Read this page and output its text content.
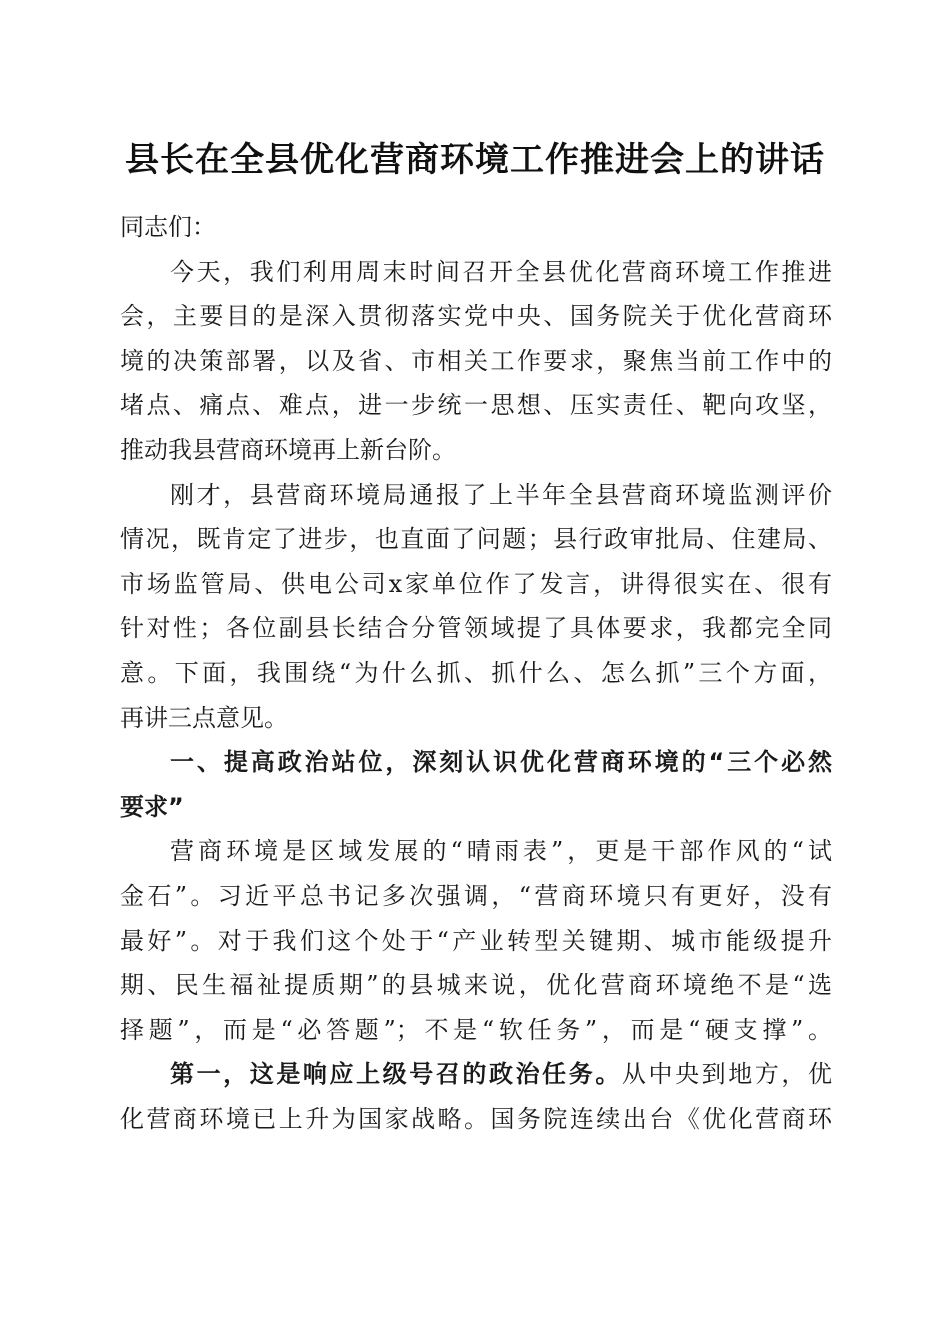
县长在全县优化营商环境工作推进会上的讲话

同志们：

今天，我们利用周末时间召开全县优化营商环境工作推进

会，主要目的是深入贯彻落实党中央、国务院关于优化营商环

境的决策部署，以及省、市相关工作要求，聚焦当前工作中的

堵点、痛点、难点，进一步统一思想、压实责任、靶向攻坚，

推动我县营商环境再上新台阶。

刚才，县营商环境局通报了上半年全县营商环境监测评价

情况，既肯定了进步，也直面了问题；县行政审批局、住建局、

市场监管局、供电公司x家单位作了发言，讲得很实在、很有

针对性；各位副县长结合分管领域提了具体要求，我都完全同

意。下面，我围绕“为什么抓、抓什么、怎么抓”三个方面，

再讲三点意见。

一、提高政治站位，深刻认识优化营商环境的“三个必然

要求”

营商环境是区域发展的“晴雨表”，更是干部作风的“试

金石”。习近平总书记多次强调，“营商环境只有更好，没有

最好”。对于我们这个处于“产业转型关键期、城市能级提升

期、民生福祉提质期”的县城来说，优化营商环境绝不是“选

择题”，而是“必答题”；不是“软任务”，而是“硬支撑”。

第一，这是响应上级号召的政治任务。从中央到地方，优

化营商环境已上升为国家战略。国务院连续出台《优化营商环
